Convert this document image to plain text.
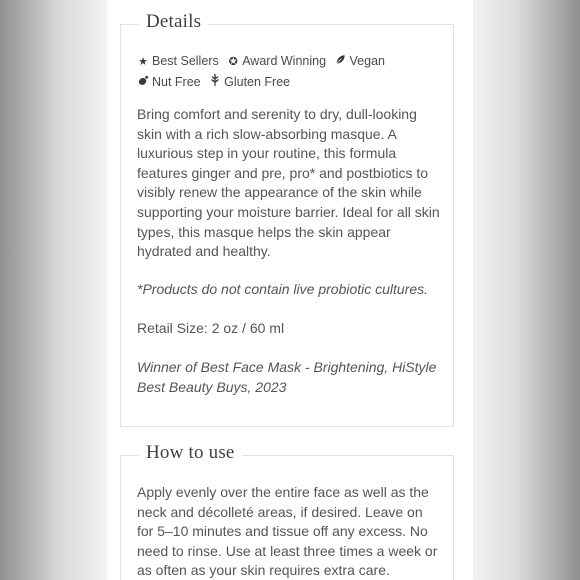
Details
★ Best Sellers ✪ Award Winning Vegan Nut Free Gluten Free

Bring comfort and serenity to dry, dull-looking skin with a rich slow-absorbing masque. A luxurious step in your routine, this formula features ginger and pre, pro* and postbiotics to visibly renew the appearance of the skin while supporting your moisture barrier. Ideal for all skin types, this masque helps the skin appear hydrated and healthy.

*Products do not contain live probiotic cultures.

Retail Size: 2 oz / 60 ml

Winner of Best Face Mask - Brightening, HiStyle Best Beauty Buys, 2023

How to use

Apply evenly over the entire face as well as the neck and décolleté areas, if desired. Leave on for 5–10 minutes and tissue off any excess. No need to rinse. Use at least three times a week or as often as your skin requires extra care.
